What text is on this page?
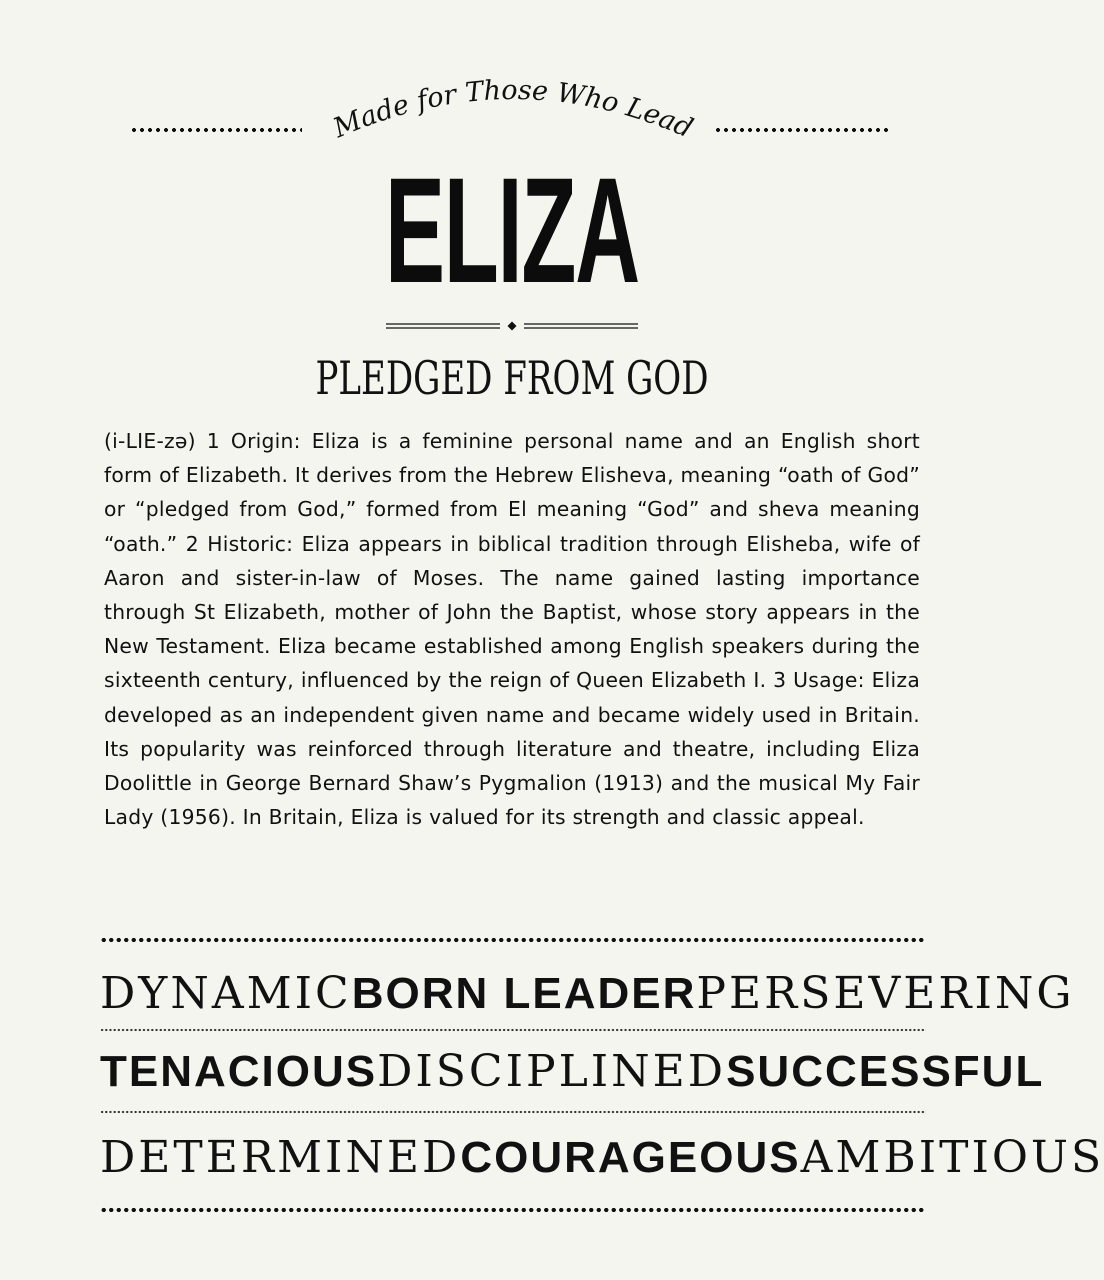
Made for Those Who Lead
ELIZA
PLEDGED FROM GOD
(i-LIE-zə) 1 Origin: Eliza is a feminine personal name and an English short form of Elizabeth. It derives from the Hebrew Elisheva, meaning “oath of God” or “pledged from God,” formed from El meaning “God” and sheva meaning “oath.” 2 Historic: Eliza appears in biblical tradition through Elisheba, wife of Aaron and sister-in-law of Moses. The name gained lasting importance through St Elizabeth, mother of John the Baptist, whose story appears in the New Testament. Eliza became established among English speakers during the sixteenth century, influenced by the reign of Queen Elizabeth I. 3 Usage: Eliza developed as an independent given name and became widely used in Britain. Its popularity was reinforced through literature and theatre, including Eliza Doolittle in George Bernard Shaw’s Pygmalion (1913) and the musical My Fair Lady (1956). In Britain, Eliza is valued for its strength and classic appeal.
DYNAMIC BORN LEADER PERSEVERING
TENACIOUS DISCIPLINED SUCCESSFUL
DETERMINED COURAGEOUS AMBITIOUS
